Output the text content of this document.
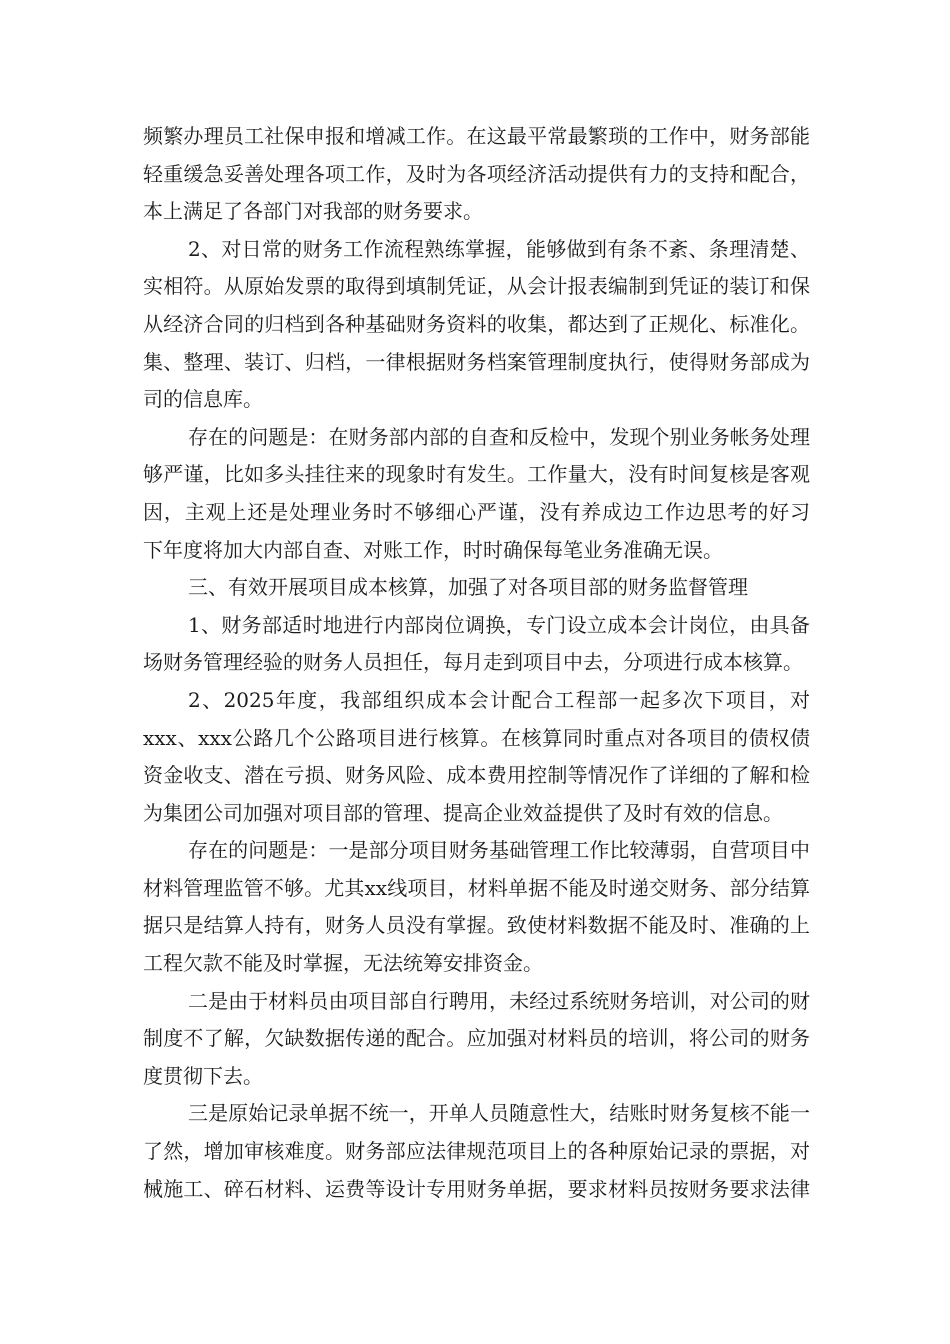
频繁办理员工社保申报和增减工作。在这最平常最繁琐的工作中，财务部能
轻重缓急妥善处理各项工作，及时为各项经济活动提供有力的支持和配合，
本上满足了各部门对我部的财务要求。
2、对日常的财务工作流程熟练掌握，能够做到有条不紊、条理清楚、
实相符。从原始发票的取得到填制凭证，从会计报表编制到凭证的装订和保
从经济合同的归档到各种基础财务资料的收集，都达到了正规化、标准化。
集、整理、装订、归档，一律根据财务档案管理制度执行，使得财务部成为
司的信息库。
存在的问题是：在财务部内部的自查和反检中，发现个别业务帐务处理
够严谨，比如多头挂往来的现象时有发生。工作量大，没有时间复核是客观
因，主观上还是处理业务时不够细心严谨，没有养成边工作边思考的好习
下年度将加大内部自查、对账工作，时时确保每笔业务准确无误。
三、有效开展项目成本核算，加强了对各项目部的财务监督管理
1、财务部适时地进行内部岗位调换，专门设立成本会计岗位，由具备
场财务管理经验的财务人员担任，每月走到项目中去，分项进行成本核算。
2、2025年度，我部组织成本会计配合工程部一起多次下项目，对
xxx、xxx公路几个公路项目进行核算。在核算同时重点对各项目的债权债
资金收支、潜在亏损、财务风险、成本费用控制等情况作了详细的了解和检
为集团公司加强对项目部的管理、提高企业效益提供了及时有效的信息。
存在的问题是：一是部分项目财务基础管理工作比较薄弱，自营项目中
材料管理监管不够。尤其xx线项目，材料单据不能及时递交财务、部分结算
据只是结算人持有，财务人员没有掌握。致使材料数据不能及时、准确的上
工程欠款不能及时掌握，无法统筹安排资金。
二是由于材料员由项目部自行聘用，未经过系统财务培训，对公司的财
制度不了解，欠缺数据传递的配合。应加强对材料员的培训，将公司的财务
度贯彻下去。
三是原始记录单据不统一，开单人员随意性大，结账时财务复核不能一
了然，增加审核难度。财务部应法律规范项目上的各种原始记录的票据，对
械施工、碎石材料、运费等设计专用财务单据，要求材料员按财务要求法律
